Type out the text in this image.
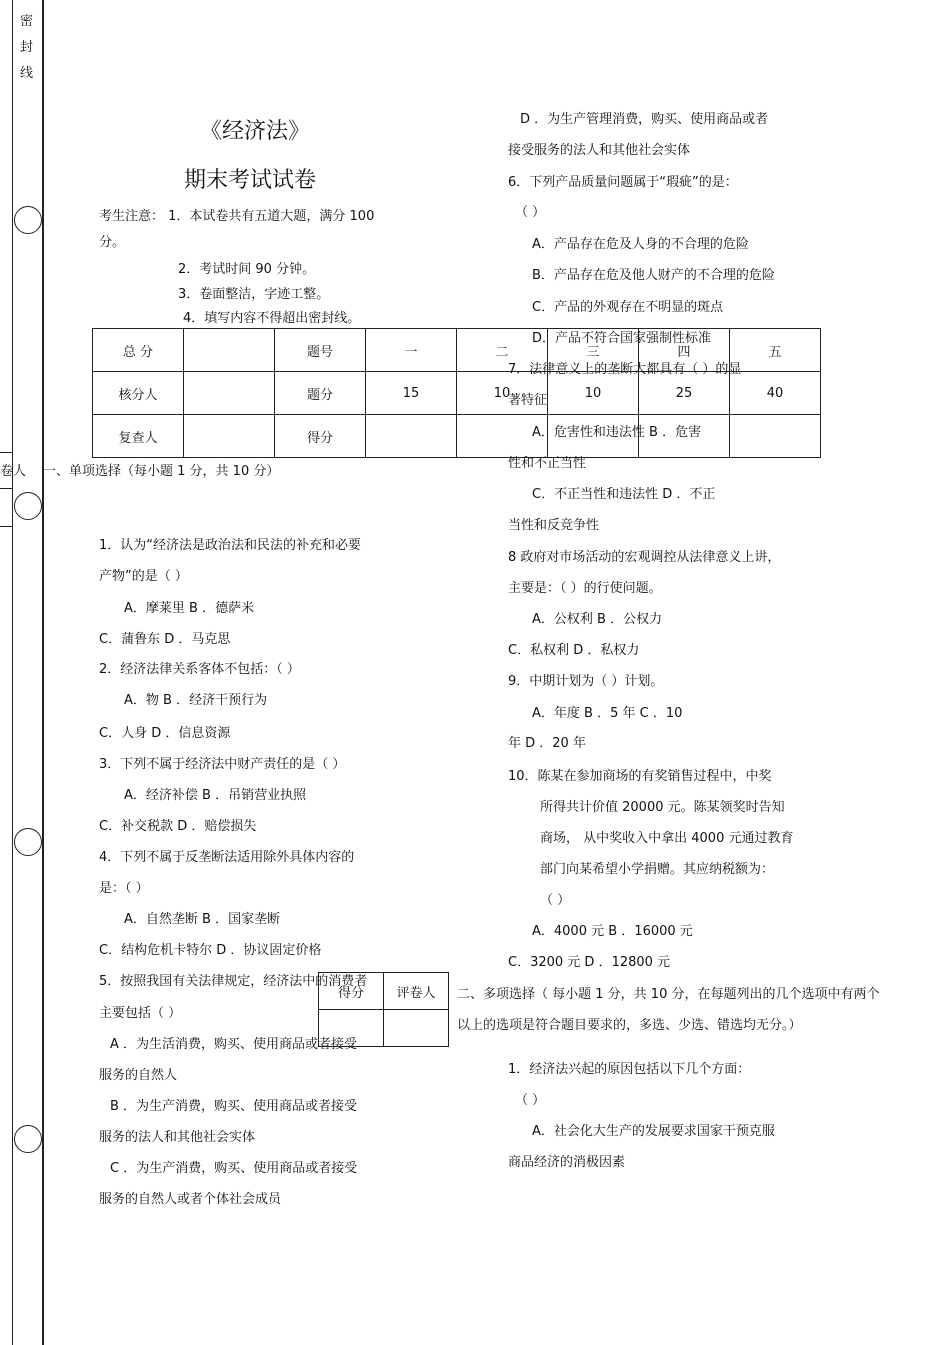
密
封
线
《经济法》
期末考试试卷
考生注意： 1．本试卷共有五道大题，满分 100
分。
2．考试时间 90 分钟。
3．卷面整洁，字迹工整。
4．填写内容不得超出密封线。
总 分		题号	一	二	三	四	五
核分人		题分	15	10	10	25	40
复查人		得分					
卷人 一、单项选择（每小题 1 分，共 10 分）
1．认为“经济法是政治法和民法的补充和必要
产物”的是（ ）
A．摩莱里 B ．德萨米
C．蒲鲁东 D ．马克思
2．经济法律关系客体不包括：（ ）
A．物 B ．经济干预行为
C．人身 D ．信息资源
3．下列不属于经济法中财产责任的是（ ）
A．经济补偿 B ．吊销营业执照
C．补交税款 D ．赔偿损失
4．下列不属于反垄断法适用除外具体内容的
是：（ ）
A．自然垄断 B ．国家垄断
C．结构危机卡特尔 D ．协议固定价格
5．按照我国有关法律规定，经济法中的消费者
主要包括（ ）
A ．为生活消费，购买、使用商品或者接受
服务的自然人
B ．为生产消费，购买、使用商品或者接受
服务的法人和其他社会实体
C ．为生产消费，购买、使用商品或者接受
服务的自然人或者个体社会成员
得分	评卷人

D ．为生产管理消费，购买、使用商品或者
接受服务的法人和其他社会实体
6．下列产品质量问题属于“瑕疵”的是：
（ ）
A．产品存在危及人身的不合理的危险
B．产品存在危及他人财产的不合理的危险
C．产品的外观存在不明显的斑点
D．产品不符合国家强制性标准
7．法律意义上的垄断大都具有（ ）的显
著特征
A．危害性和违法性 B ．危害
性和不正当性
C．不正当性和违法性 D ．不正
当性和反竞争性
8 政府对市场活动的宏观调控从法律意义上讲，
主要是：（ ）的行使问题。
A．公权利 B ．公权力
C．私权利 D ．私权力
9．中期计划为（ ）计划。
A．年度 B ．5 年 C ．10
年 D ．20 年
10．陈某在参加商场的有奖销售过程中，中奖
所得共计价值 20000 元。陈某领奖时告知
商场， 从中奖收入中拿出 4000 元通过教育
部门向某希望小学捐赠。其应纳税额为：
（ ）
A．4000 元 B ．16000 元
C．3200 元 D ．12800 元
二、多项选择（ 每小题 1 分，共 10 分，在每题列出的几个选项中有两个
以上的选项是符合题目要求的，多选、少选、错选均无分。）
1．经济法兴起的原因包括以下几个方面：
（ ）
A．社会化大生产的发展要求国家干预克服
商品经济的消极因素
